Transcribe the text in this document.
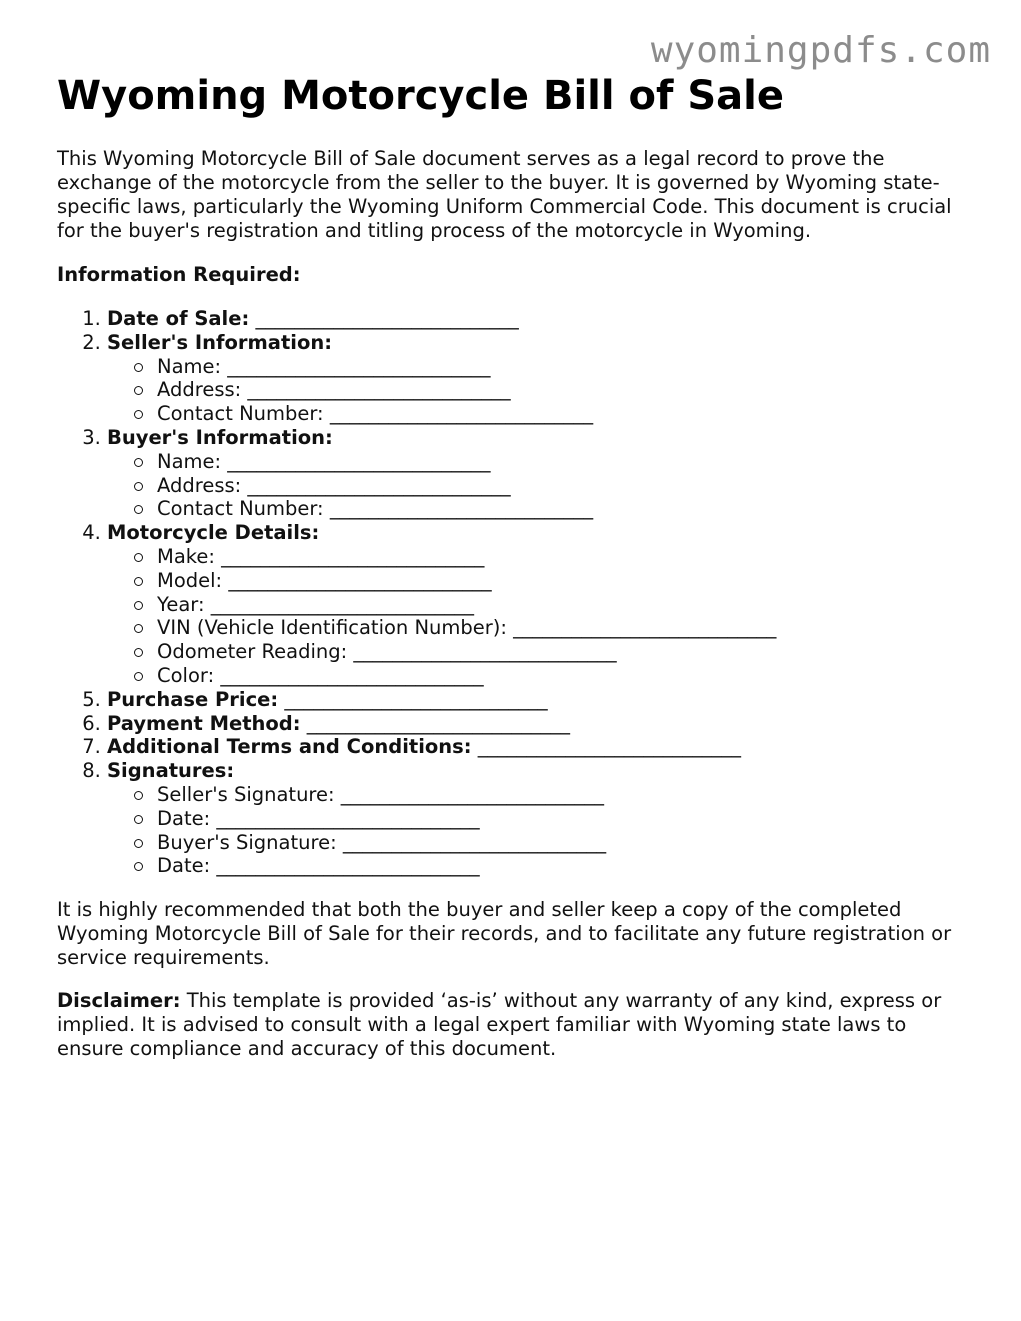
wyomingpdfs.com
Wyoming Motorcycle Bill of Sale

This Wyoming Motorcycle Bill of Sale document serves as a legal record to prove the exchange of the motorcycle from the seller to the buyer. It is governed by Wyoming state-specific laws, particularly the Wyoming Uniform Commercial Code. This document is crucial for the buyer's registration and titling process of the motorcycle in Wyoming.

Information Required:

1. Date of Sale: ___________________________
2. Seller's Information:
Name: ___________________________
Address: ___________________________
Contact Number: ___________________________
3. Buyer's Information:
Name: ___________________________
Address: ___________________________
Contact Number: ___________________________
4. Motorcycle Details:
Make: ___________________________
Model: ___________________________
Year: ___________________________
VIN (Vehicle Identification Number): ___________________________
Odometer Reading: ___________________________
Color: ___________________________
5. Purchase Price: ___________________________
6. Payment Method: ___________________________
7. Additional Terms and Conditions: ___________________________
8. Signatures:
Seller's Signature: ___________________________
Date: ___________________________
Buyer's Signature: ___________________________
Date: ___________________________

It is highly recommended that both the buyer and seller keep a copy of the completed Wyoming Motorcycle Bill of Sale for their records, and to facilitate any future registration or service requirements.

Disclaimer: This template is provided ‘as-is’ without any warranty of any kind, express or implied. It is advised to consult with a legal expert familiar with Wyoming state laws to ensure compliance and accuracy of this document.
